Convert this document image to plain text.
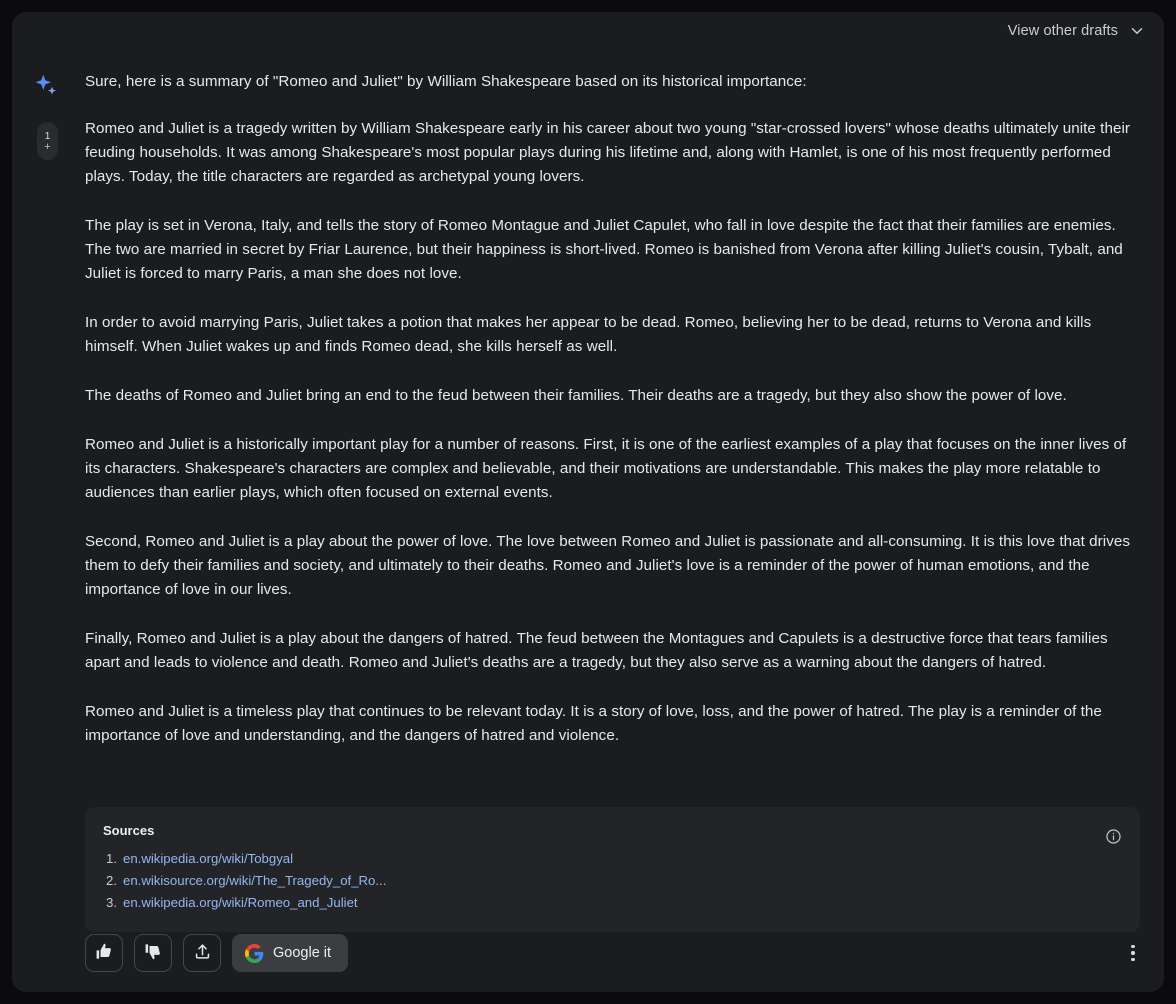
View other drafts
1
+

Sure, here is a summary of "Romeo and Juliet" by William Shakespeare based on its historical importance:

Romeo and Juliet is a tragedy written by William Shakespeare early in his career about two young "star-crossed lovers" whose deaths ultimately unite their feuding households. It was among Shakespeare's most popular plays during his lifetime and, along with Hamlet, is one of his most frequently performed plays. Today, the title characters are regarded as archetypal young lovers.

The play is set in Verona, Italy, and tells the story of Romeo Montague and Juliet Capulet, who fall in love despite the fact that their families are enemies. The two are married in secret by Friar Laurence, but their happiness is short-lived. Romeo is banished from Verona after killing Juliet's cousin, Tybalt, and Juliet is forced to marry Paris, a man she does not love.

In order to avoid marrying Paris, Juliet takes a potion that makes her appear to be dead. Romeo, believing her to be dead, returns to Verona and kills himself. When Juliet wakes up and finds Romeo dead, she kills herself as well.

The deaths of Romeo and Juliet bring an end to the feud between their families. Their deaths are a tragedy, but they also show the power of love.

Romeo and Juliet is a historically important play for a number of reasons. First, it is one of the earliest examples of a play that focuses on the inner lives of its characters. Shakespeare's characters are complex and believable, and their motivations are understandable. This makes the play more relatable to audiences than earlier plays, which often focused on external events.

Second, Romeo and Juliet is a play about the power of love. The love between Romeo and Juliet is passionate and all-consuming. It is this love that drives them to defy their families and society, and ultimately to their deaths. Romeo and Juliet's love is a reminder of the power of human emotions, and the importance of love in our lives.

Finally, Romeo and Juliet is a play about the dangers of hatred. The feud between the Montagues and Capulets is a destructive force that tears families apart and leads to violence and death. Romeo and Juliet's deaths are a tragedy, but they also serve as a warning about the dangers of hatred.

Romeo and Juliet is a timeless play that continues to be relevant today. It is a story of love, loss, and the power of hatred. The play is a reminder of the importance of love and understanding, and the dangers of hatred and violence.

Sources
1. en.wikipedia.org/wiki/Tobgyal
2. en.wikisource.org/wiki/The_Tragedy_of_Ro...
3. en.wikipedia.org/wiki/Romeo_and_Juliet
Google it
